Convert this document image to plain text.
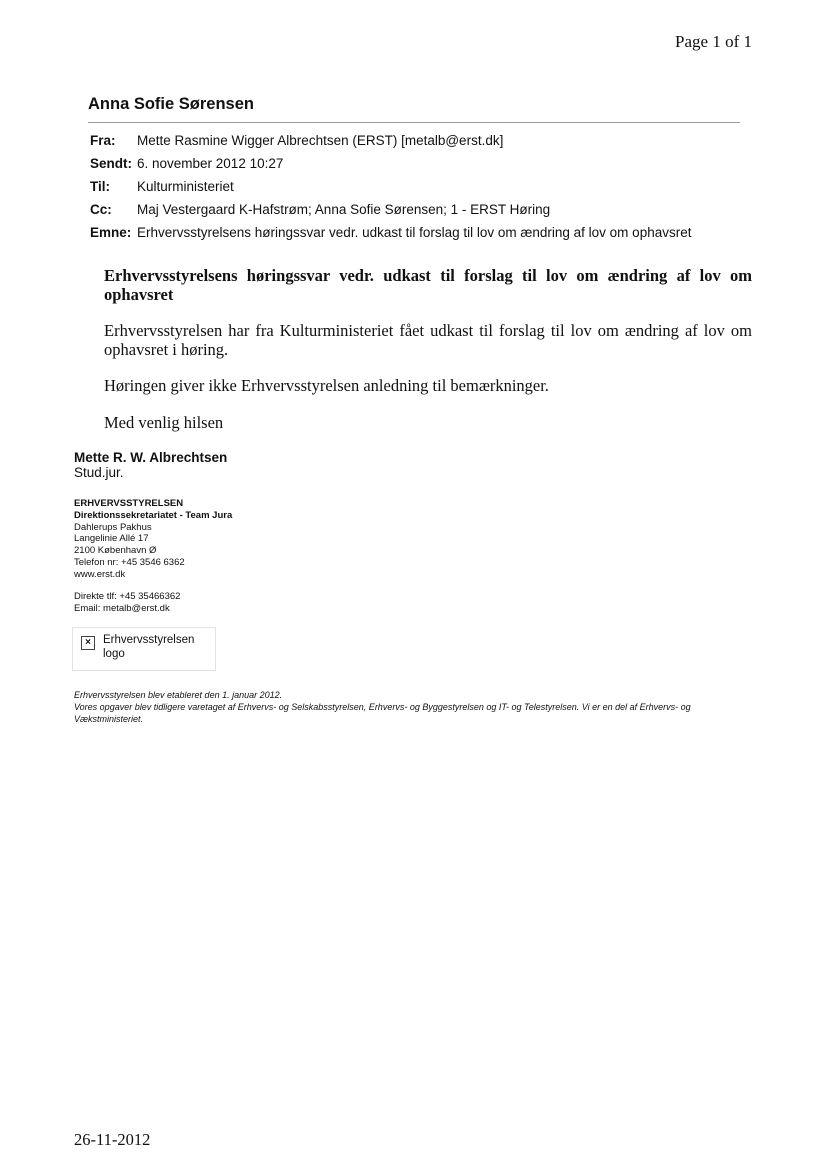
Page 1 of 1
Anna Sofie Sørensen
Fra:	Mette Rasmine Wigger Albrechtsen (ERST) [metalb@erst.dk]
Sendt:	6. november 2012 10:27
Til:	Kulturministeriet
Cc:	Maj Vestergaard K-Hafstrøm; Anna Sofie Sørensen; 1 - ERST Høring
Emne:	Erhvervsstyrelsens høringssvar vedr. udkast til forslag til lov om ændring af lov om ophavsret
Erhvervsstyrelsens høringssvar vedr. udkast til forslag til lov om ændring af lov om ophavsret
Erhvervsstyrelsen har fra Kulturministeriet fået udkast til forslag til lov om ændring af lov om ophavsret i høring.
Høringen giver ikke Erhvervsstyrelsen anledning til bemærkninger.
Med venlig hilsen
Mette R. W. Albrechtsen
Stud.jur.
ERHVERVSSTYRELSEN
Direktionssekretariatet - Team Jura
Dahlerups Pakhus
Langelinie Allé 17
2100 København Ø
Telefon nr: +45 3546 6362
www.erst.dk
Direkte tlf: +45 35466362
Email: metalb@erst.dk
×	Erhvervsstyrelsen
logo
Erhvervsstyrelsen blev etableret den 1. januar 2012.
Vores opgaver blev tidligere varetaget af Erhvervs- og Selskabsstyrelsen, Erhvervs- og Byggestyrelsen og IT- og Telestyrelsen. Vi er en del af Erhvervs- og Vækstministeriet.
26-11-2012
